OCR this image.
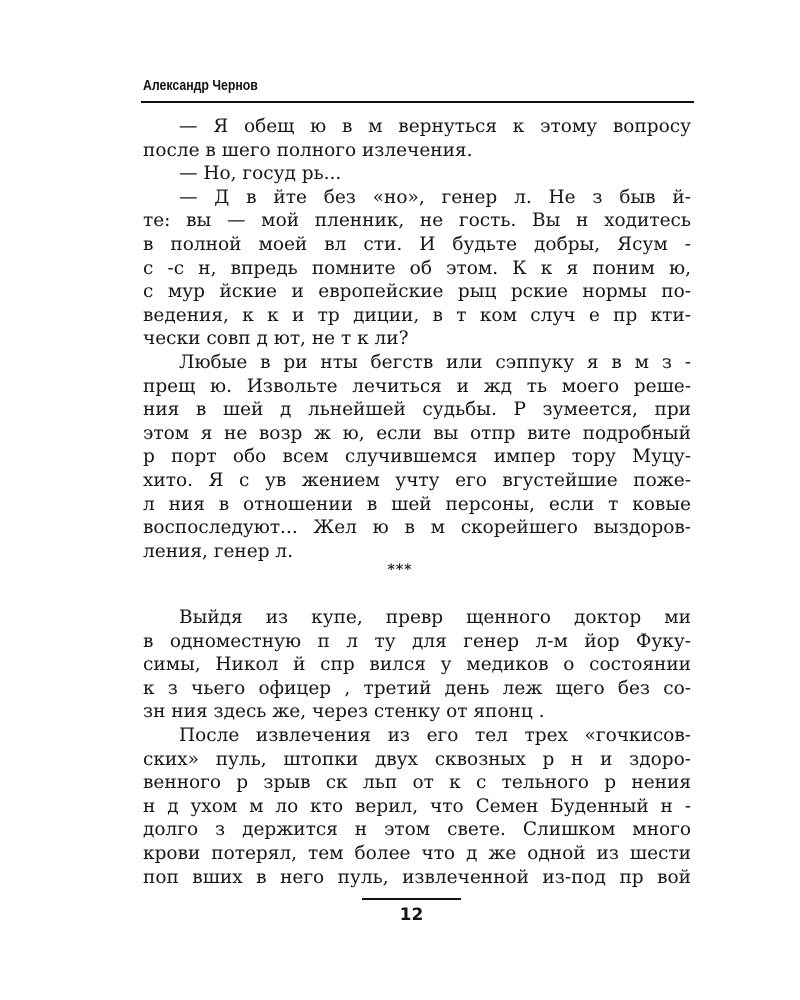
Александр Чернов
— Я обещ ю в м вернуться к этому вопросу
после в шего полного излечения.
— Но, госуд рь...
— Д в йте без «но», генер л. Не з быв й-
те: вы — мой пленник, не гость. Вы н ходитесь
в полной моей вл сти. И будьте добры, Ясум -
с -с н, впредь помните об этом. К к я поним ю,
с мур йские и европейские рыц рские нормы по-
ведения, к к и тр диции, в т ком случ е пр кти-
чески совп д ют, не т к ли?
Любые в ри нты бегств или сэппуку я в м з -
прещ ю. Извольте лечиться и жд ть моего реше-
ния в шей д льнейшей судьбы. Р зумеется, при
этом я не возр ж ю, если вы отпр вите подробный
р порт обо всем случившемся импер тору Муцу-
хито. Я с ув жением учту его вгустейшие поже-
л ния в отношении в шей персоны, если т ковые
воспоследуют... Жел ю в м скорейшего выздоров-
ления, генер л.
***
Выйдя из купе, превр щенного доктор ми
в одноместную п л ту для генер л-м йор Фуку-
симы, Никол й спр вился у медиков о состоянии
к з чьего офицер , третий день леж щего без со-
зн ния здесь же, через стенку от японц .
После извлечения из его тел трех «гочкисов-
ских» пуль, штопки двух сквозных р н и здоро-
венного р зрыв ск льп от к с тельного р нения
н д ухом м ло кто верил, что Семен Буденный н -
долго з держится н этом свете. Слишком много
крови потерял, тем более что д же одной из шести
поп вших в него пуль, извлеченной из-под пр вой
12
